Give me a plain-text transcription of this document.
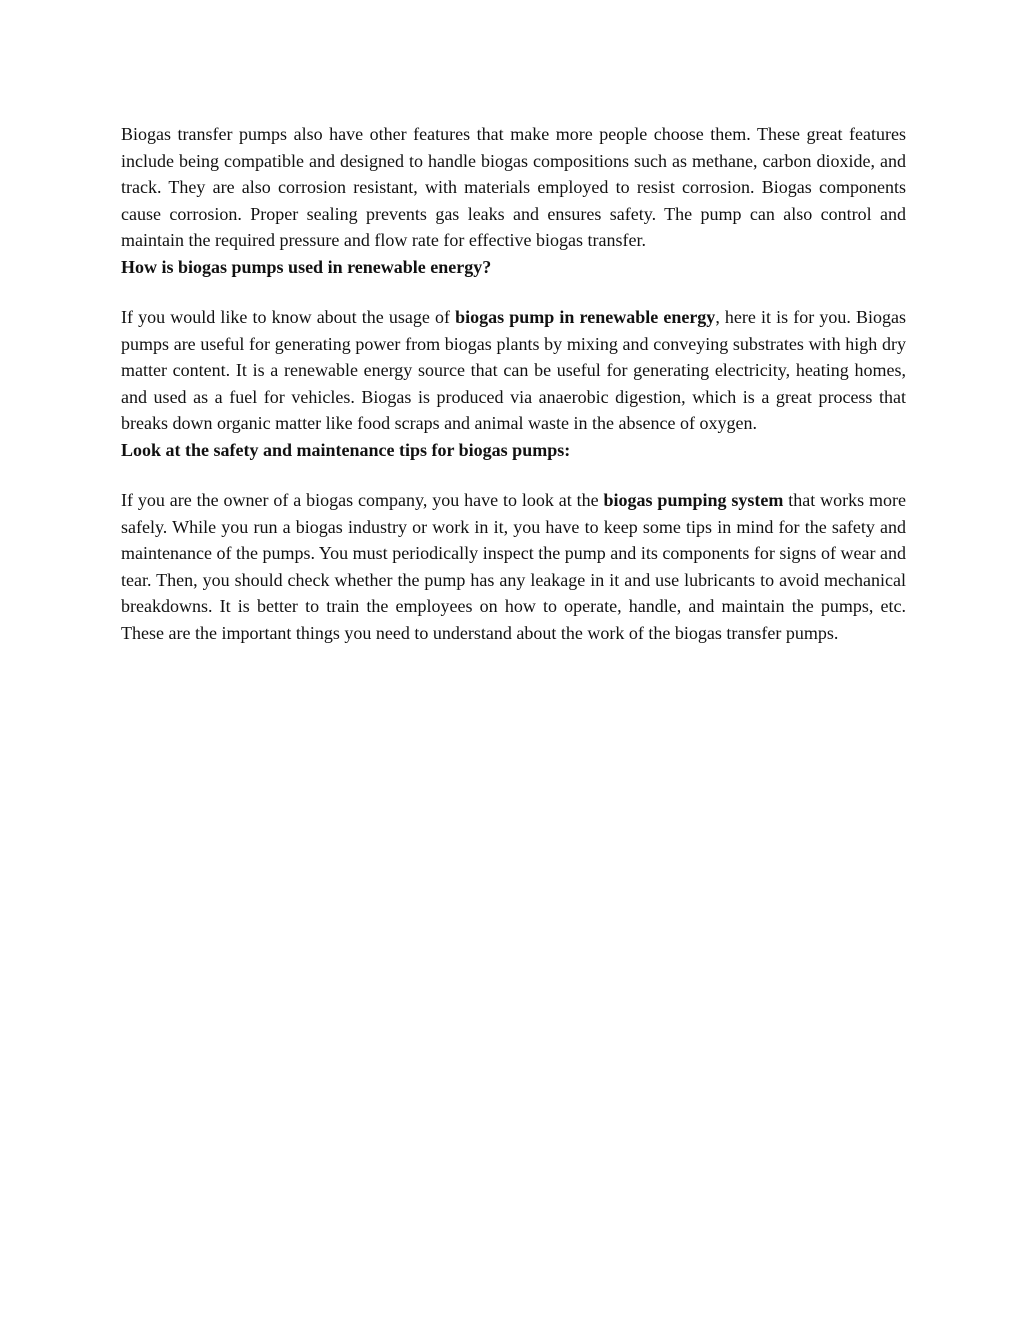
Biogas transfer pumps also have other features that make more people choose them. These great features include being compatible and designed to handle biogas compositions such as methane, carbon dioxide, and track. They are also corrosion resistant, with materials employed to resist corrosion. Biogas components cause corrosion. Proper sealing prevents gas leaks and ensures safety. The pump can also control and maintain the required pressure and flow rate for effective biogas transfer.

How is biogas pumps used in renewable energy?

If you would like to know about the usage of biogas pump in renewable energy, here it is for you. Biogas pumps are useful for generating power from biogas plants by mixing and conveying substrates with high dry matter content. It is a renewable energy source that can be useful for generating electricity, heating homes, and used as a fuel for vehicles. Biogas is produced via anaerobic digestion, which is a great process that breaks down organic matter like food scraps and animal waste in the absence of oxygen.

Look at the safety and maintenance tips for biogas pumps:

If you are the owner of a biogas company, you have to look at the biogas pumping system that works more safely. While you run a biogas industry or work in it, you have to keep some tips in mind for the safety and maintenance of the pumps. You must periodically inspect the pump and its components for signs of wear and tear. Then, you should check whether the pump has any leakage in it and use lubricants to avoid mechanical breakdowns. It is better to train the employees on how to operate, handle, and maintain the pumps, etc. These are the important things you need to understand about the work of the biogas transfer pumps.
